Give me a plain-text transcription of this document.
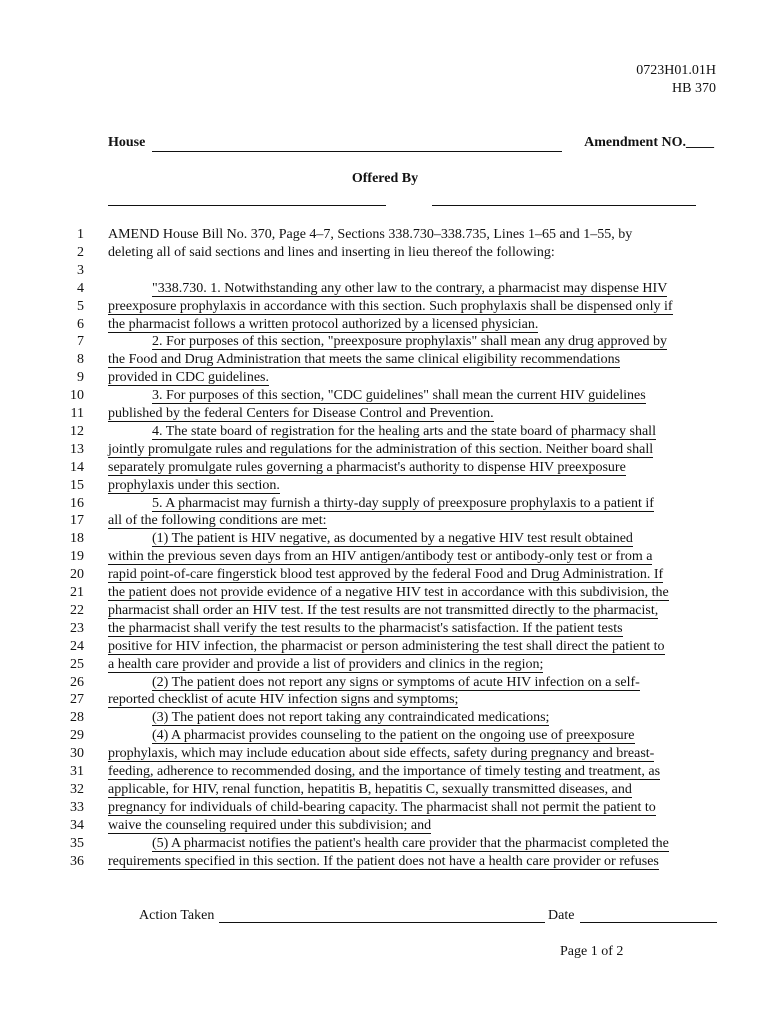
0723H01.01H
HB 370
House	Amendment NO.____
Offered By
1 AMEND House Bill No. 370, Page 4–7, Sections 338.730–338.735, Lines 1–65 and 1–55, by
2 deleting all of said sections and lines and inserting in lieu thereof the following:
3
4	"338.730. 1. Notwithstanding any other law to the contrary, a pharmacist may dispense HIV
5 preexposure prophylaxis in accordance with this section. Such prophylaxis shall be dispensed only if
6 the pharmacist follows a written protocol authorized by a licensed physician.
7	2. For purposes of this section, "preexposure prophylaxis" shall mean any drug approved by
8 the Food and Drug Administration that meets the same clinical eligibility recommendations
9 provided in CDC guidelines.
10	3. For purposes of this section, "CDC guidelines" shall mean the current HIV guidelines
11 published by the federal Centers for Disease Control and Prevention.
12	4. The state board of registration for the healing arts and the state board of pharmacy shall
13 jointly promulgate rules and regulations for the administration of this section. Neither board shall
14 separately promulgate rules governing a pharmacist's authority to dispense HIV preexposure
15 prophylaxis under this section.
16	5. A pharmacist may furnish a thirty-day supply of preexposure prophylaxis to a patient if
17 all of the following conditions are met:
18	(1) The patient is HIV negative, as documented by a negative HIV test result obtained
19 within the previous seven days from an HIV antigen/antibody test or antibody-only test or from a
20 rapid point-of-care fingerstick blood test approved by the federal Food and Drug Administration. If
21 the patient does not provide evidence of a negative HIV test in accordance with this subdivision, the
22 pharmacist shall order an HIV test. If the test results are not transmitted directly to the pharmacist,
23 the pharmacist shall verify the test results to the pharmacist's satisfaction. If the patient tests
24 positive for HIV infection, the pharmacist or person administering the test shall direct the patient to
25 a health care provider and provide a list of providers and clinics in the region;
26	(2) The patient does not report any signs or symptoms of acute HIV infection on a self-
27 reported checklist of acute HIV infection signs and symptoms;
28	(3) The patient does not report taking any contraindicated medications;
29	(4) A pharmacist provides counseling to the patient on the ongoing use of preexposure
30 prophylaxis, which may include education about side effects, safety during pregnancy and breast-
31 feeding, adherence to recommended dosing, and the importance of timely testing and treatment, as
32 applicable, for HIV, renal function, hepatitis B, hepatitis C, sexually transmitted diseases, and
33 pregnancy for individuals of child-bearing capacity. The pharmacist shall not permit the patient to
34 waive the counseling required under this subdivision; and
35	(5) A pharmacist notifies the patient's health care provider that the pharmacist completed the
36 requirements specified in this section. If the patient does not have a health care provider or refuses
Action Taken	Date
Page 1 of 2
